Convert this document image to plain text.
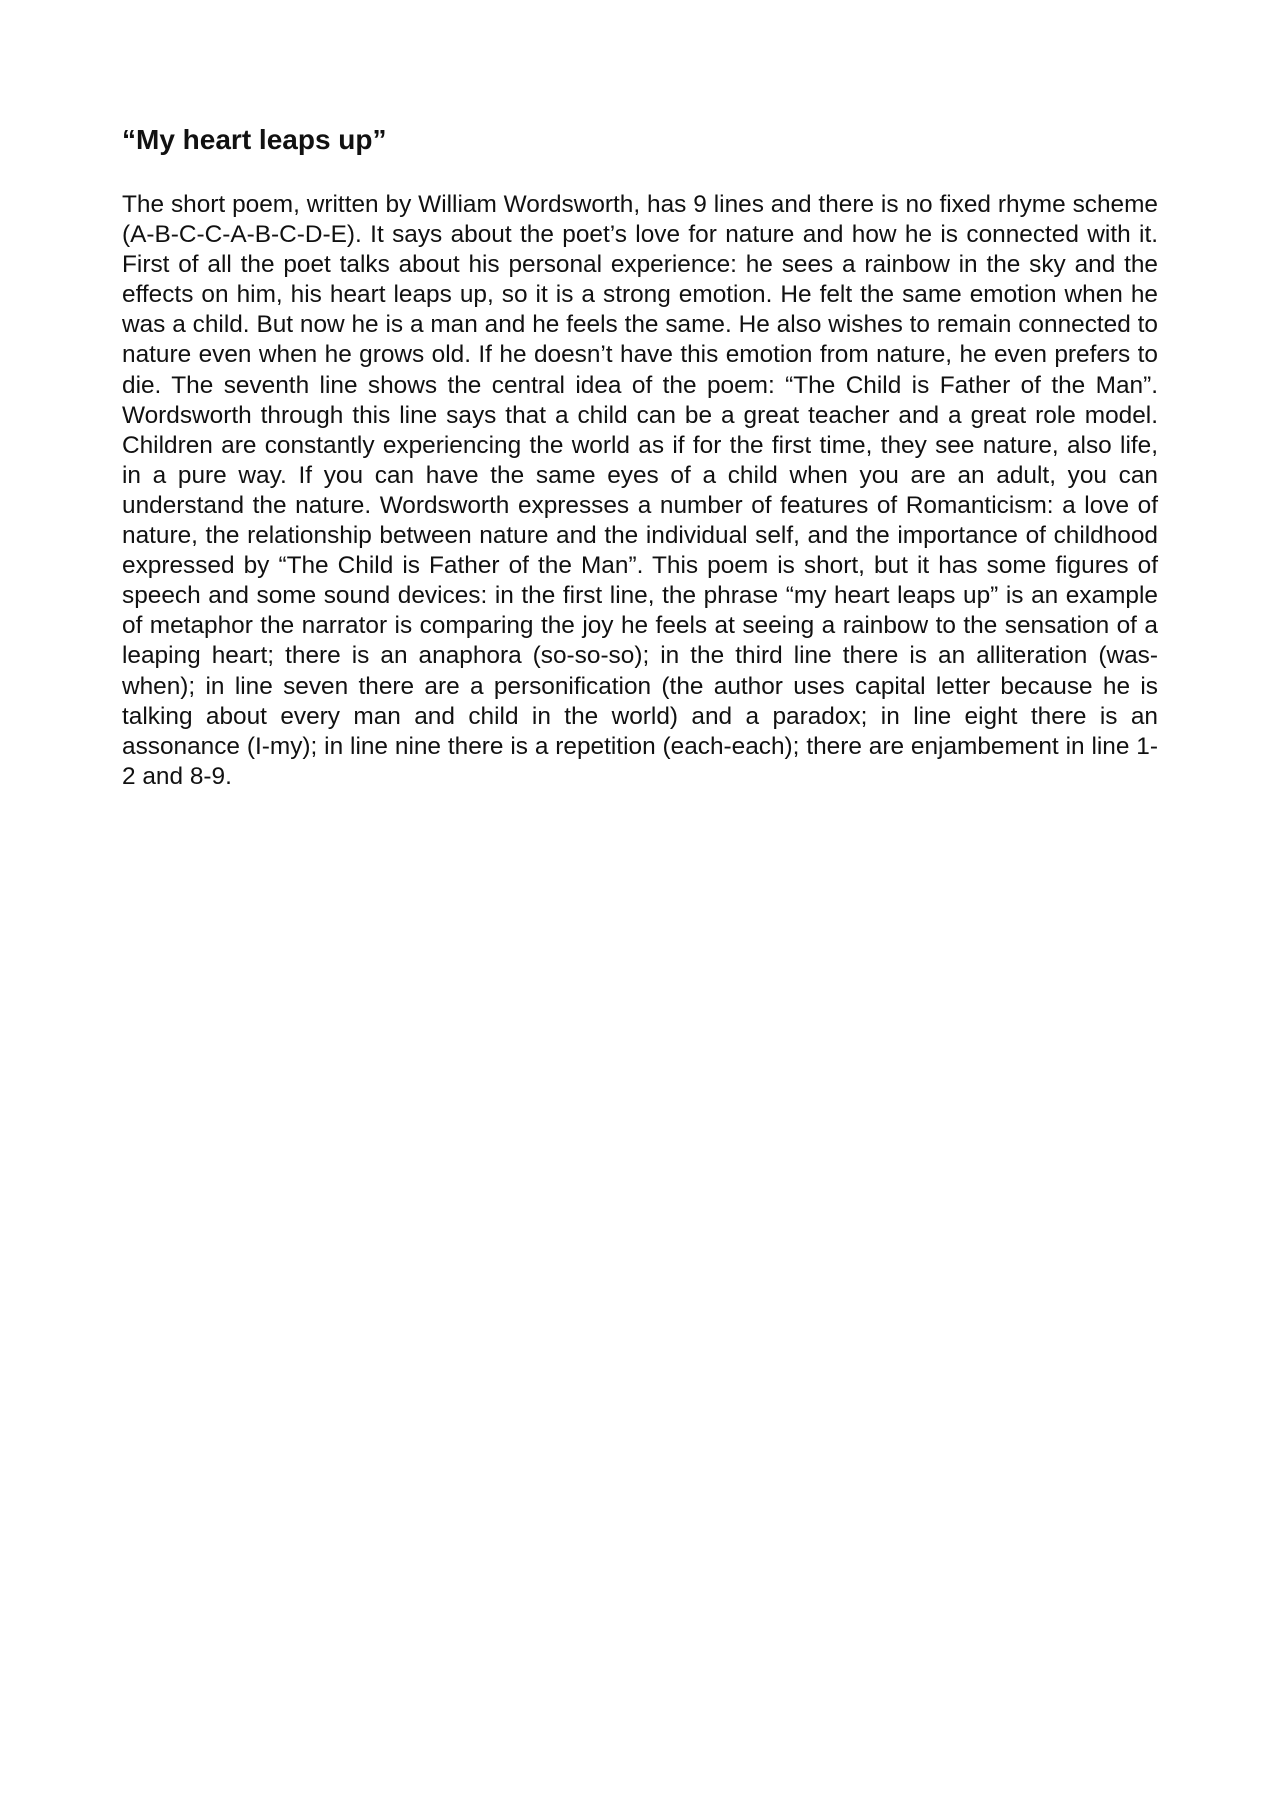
“My heart leaps up”

The short poem, written by William Wordsworth, has 9 lines and there is no fixed rhyme scheme (A-B-C-C-A-B-C-D-E). It says about the poet’s love for nature and how he is connected with it. First of all the poet talks about his personal experience: he sees a rainbow in the sky and the effects on him, his heart leaps up, so it is a strong emotion. He felt the same emotion when he was a child. But now he is a man and he feels the same. He also wishes to remain connected to nature even when he grows old. If he doesn’t have this emotion from nature, he even prefers to die. The seventh line shows the central idea of the poem: “The Child is Father of the Man”. Wordsworth through this line says that a child can be a great teacher and a great role model. Children are constantly experiencing the world as if for the first time, they see nature, also life, in a pure way. If you can have the same eyes of a child when you are an adult, you can understand the nature. Wordsworth expresses a number of features of Romanticism: a love of nature, the relationship between nature and the individual self, and the importance of childhood expressed by “The Child is Father of the Man”. This poem is short, but it has some figures of speech and some sound devices: in the first line, the phrase “my heart leaps up” is an example of metaphor the narrator is comparing the joy he feels at seeing a rainbow to the sensation of a leaping heart; there is an anaphora (so-so-so); in the third line there is an alliteration (was-when); in line seven there are a personification (the author uses capital letter because he is talking about every man and child in the world) and a paradox; in line eight there is an assonance (I-my); in line nine there is a repetition (each-each); there are enjambement in line 1-2 and 8-9.
